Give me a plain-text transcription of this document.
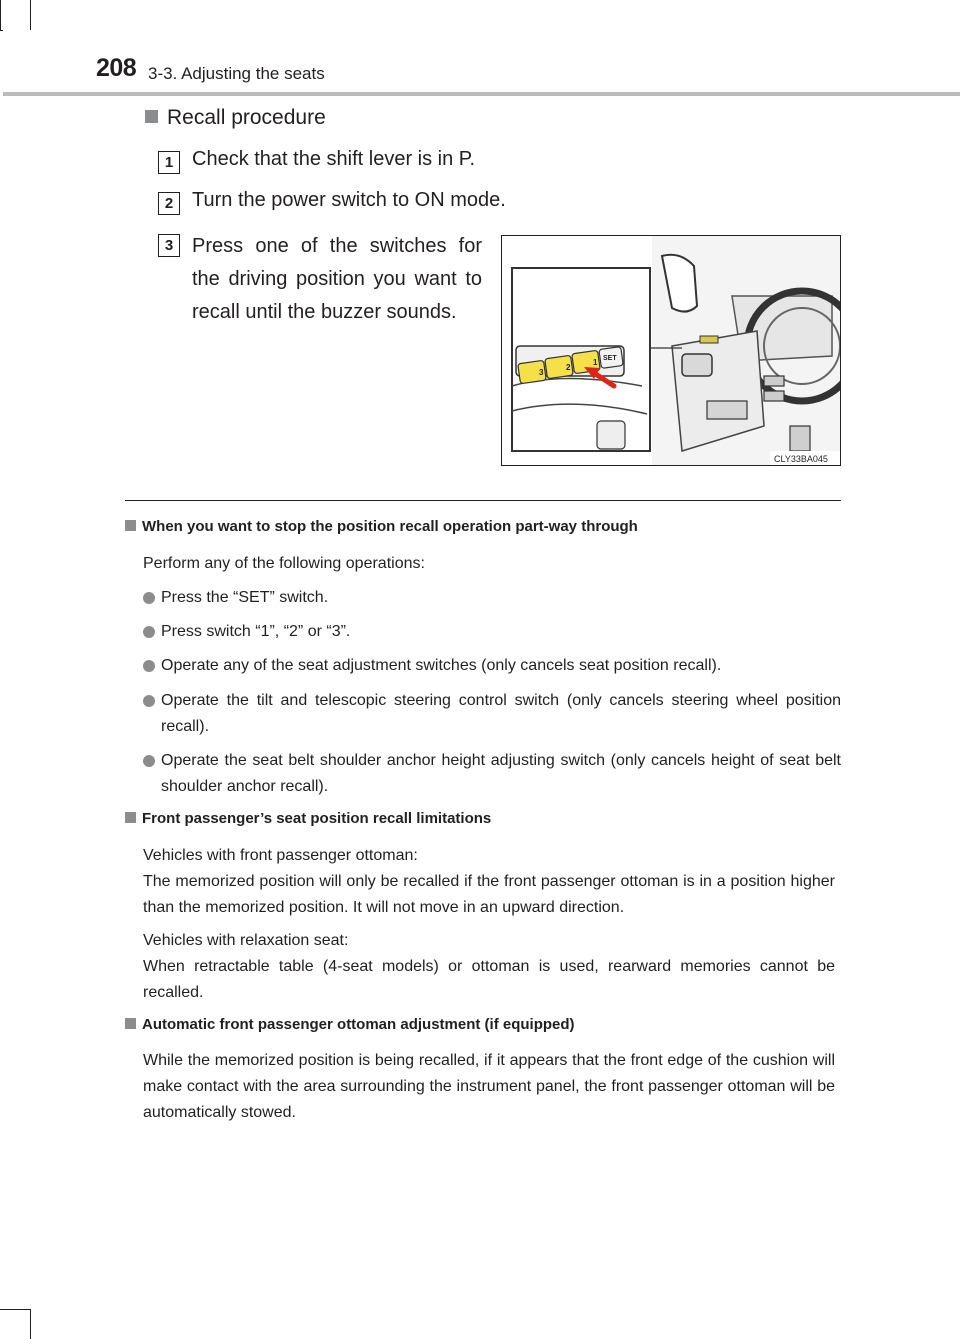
208 3-3. Adjusting the seats
Recall procedure
1 Check that the shift lever is in P.
2 Turn the power switch to ON mode.
3 Press one of the switches for the driving position you want to recall until the buzzer sounds.
3
2
1 SET
CLY33BA045
When you want to stop the position recall operation part-way through
Perform any of the following operations:
Press the “SET” switch.
Press switch “1”, “2” or “3”.
Operate any of the seat adjustment switches (only cancels seat position recall).
Operate the tilt and telescopic steering control switch (only cancels steering wheel position recall).
Operate the seat belt shoulder anchor height adjusting switch (only cancels height of seat belt shoulder anchor recall).
Front passenger’s seat position recall limitations
Vehicles with front passenger ottoman:
The memorized position will only be recalled if the front passenger ottoman is in a position higher than the memorized position. It will not move in an upward direction.
Vehicles with relaxation seat:
When retractable table (4-seat models) or ottoman is used, rearward memories cannot be recalled.
Automatic front passenger ottoman adjustment (if equipped)
While the memorized position is being recalled, if it appears that the front edge of the cushion will make contact with the area surrounding the instrument panel, the front passenger ottoman will be automatically stowed.
